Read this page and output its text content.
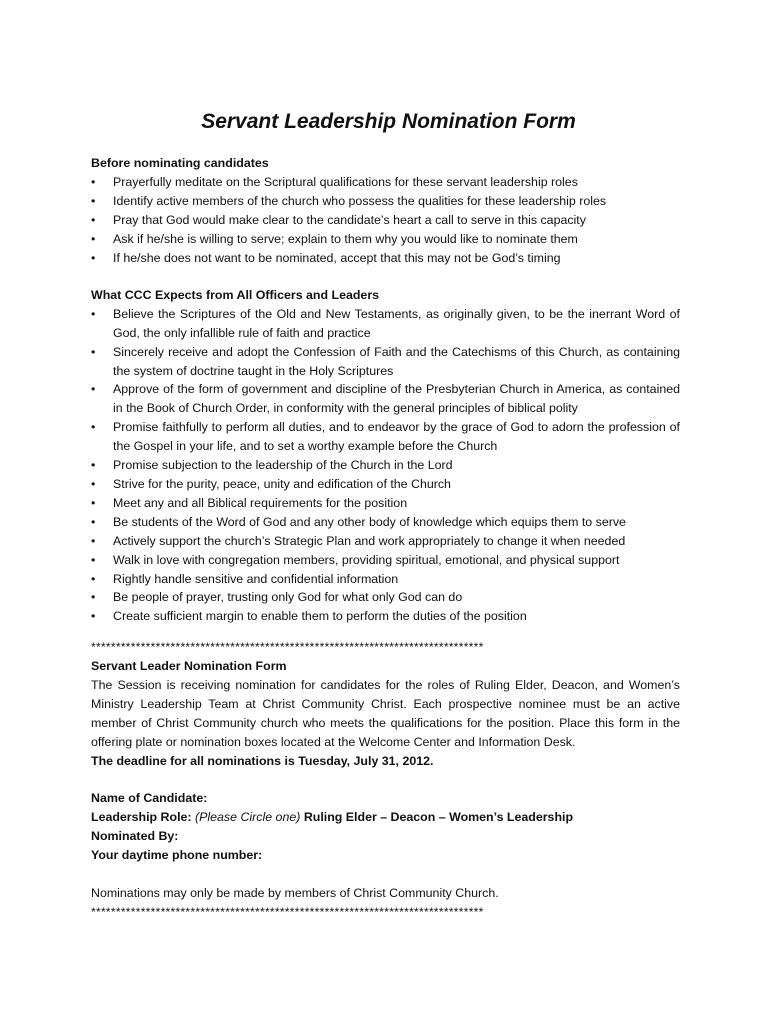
Servant Leadership Nomination Form

Before nominating candidates

•	Prayerfully meditate on the Scriptural qualifications for these servant leadership roles
•	Identify active members of the church who possess the qualities for these leadership roles
•	Pray that God would make clear to the candidate’s heart a call to serve in this capacity
•	Ask if he/she is willing to serve; explain to them why you would like to nominate them
•	If he/she does not want to be nominated, accept that this may not be God’s timing

What CCC Expects from All Officers and Leaders

•	Believe the Scriptures of the Old and New Testaments, as originally given, to be the inerrant Word of God, the only infallible rule of faith and practice
•	Sincerely receive and adopt the Confession of Faith and the Catechisms of this Church, as containing the system of doctrine taught in the Holy Scriptures
•	Approve of the form of government and discipline of the Presbyterian Church in America, as contained in the Book of Church Order, in conformity with the general principles of biblical polity
•	Promise faithfully to perform all duties, and to endeavor by the grace of God to adorn the profession of the Gospel in your life, and to set a worthy example before the Church
•	Promise subjection to the leadership of the Church in the Lord
•	Strive for the purity, peace, unity and edification of the Church
•	Meet any and all Biblical requirements for the position
•	Be students of the Word of God and any other body of knowledge which equips them to serve
•	Actively support the church’s Strategic Plan and work appropriately to change it when needed
•	Walk in love with congregation members, providing spiritual, emotional, and physical support
•	Rightly handle sensitive and confidential information
•	Be people of prayer, trusting only God for what only God can do
•	Create sufficient margin to enable them to perform the duties of the position
*******************************************************************************

Servant Leader Nomination Form

The Session is receiving nomination for candidates for the roles of Ruling Elder, Deacon, and Women’s Ministry Leadership Team at Christ Community Christ. Each prospective nominee must be an active member of Christ Community church who meets the qualifications for the position. Place this form in the offering plate or nomination boxes located at the Welcome Center and Information Desk.

The deadline for all nominations is Tuesday, July 31, 2012.

Name of Candidate:

Leadership Role: (Please Circle one) Ruling Elder – Deacon – Women’s Leadership

Nominated By:

Your daytime phone number:

Nominations may only be made by members of Christ Community Church.

*******************************************************************************
